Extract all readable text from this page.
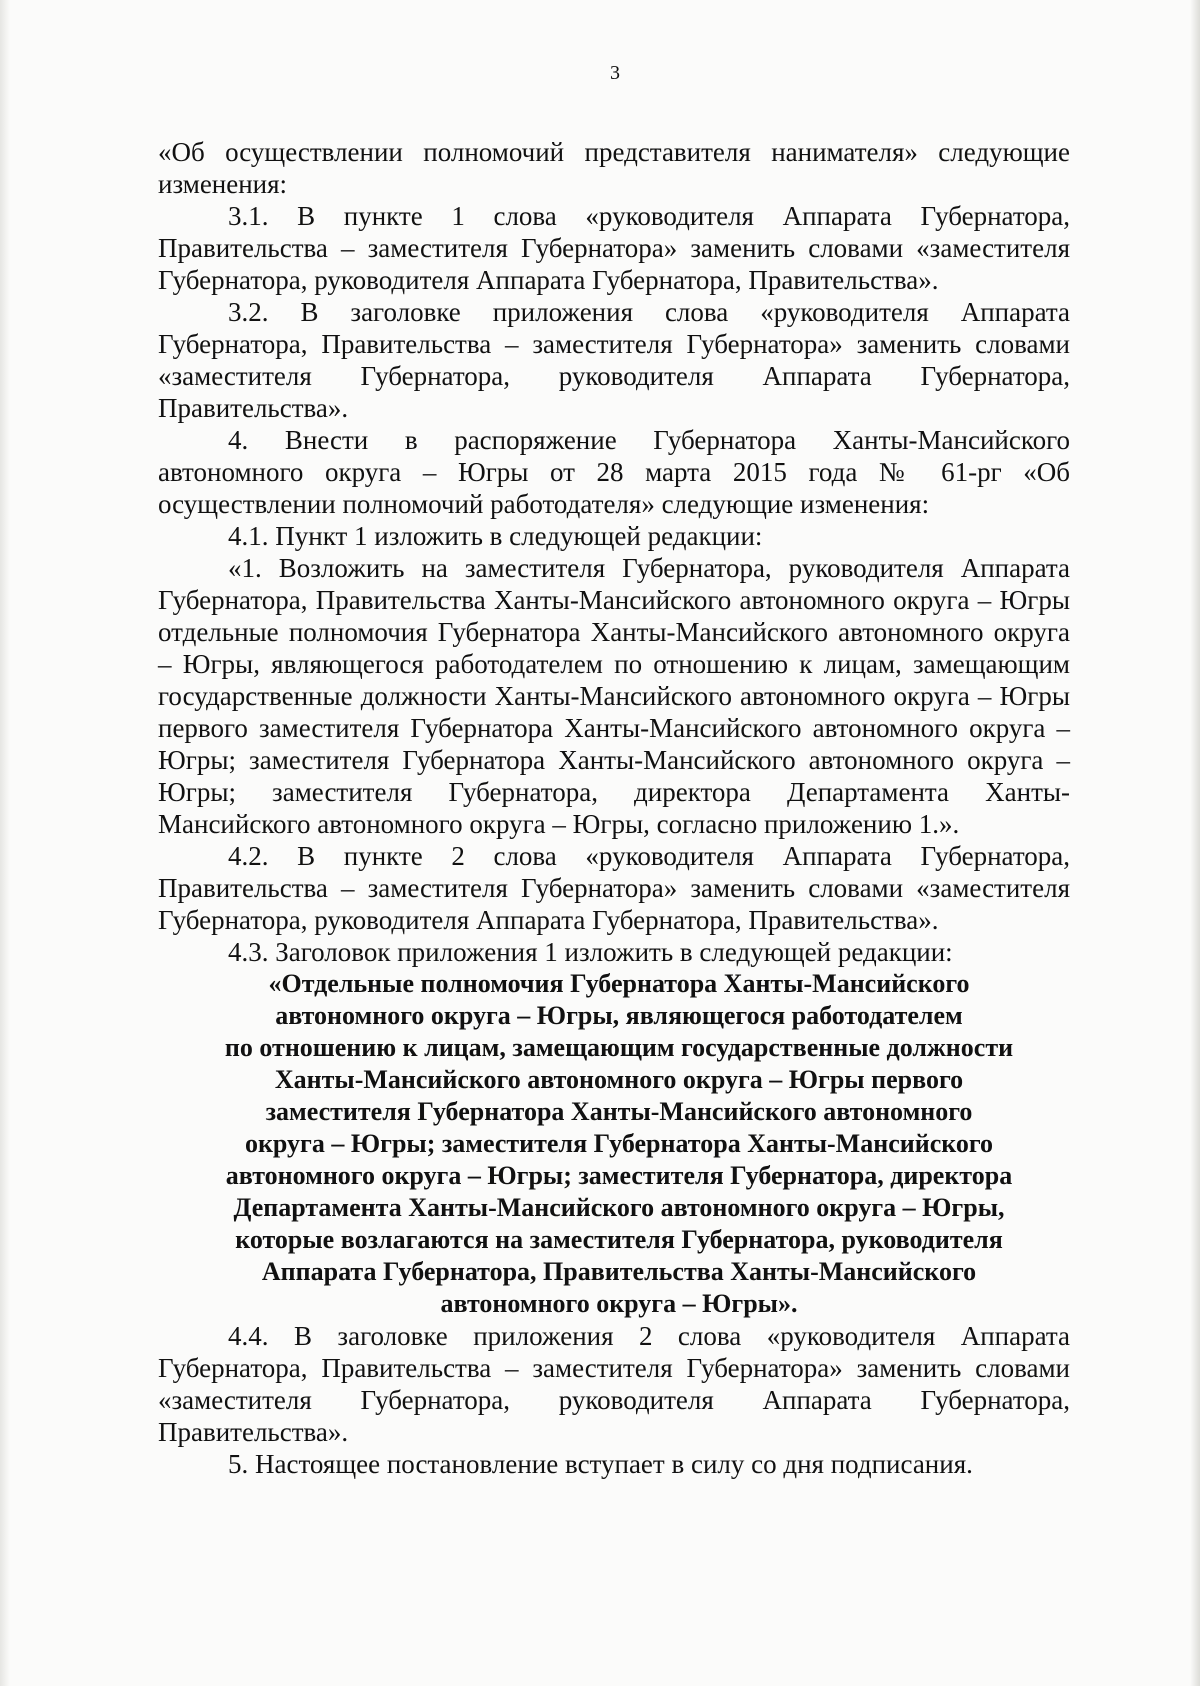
3

«Об осуществлении полномочий представителя нанимателя» следующие изменения:

3.1. В пункте 1 слова «руководителя Аппарата Губернатора, Правительства – заместителя Губернатора» заменить словами «заместителя Губернатора, руководителя Аппарата Губернатора, Правительства».

3.2. В заголовке приложения слова «руководителя Аппарата Губернатора, Правительства – заместителя Губернатора» заменить словами «заместителя Губернатора, руководителя Аппарата Губернатора, Правительства».

4. Внести в распоряжение Губернатора Ханты-Мансийского автономного округа – Югры от 28 марта 2015 года № 61-рг «Об осуществлении полномочий работодателя» следующие изменения:

4.1. Пункт 1 изложить в следующей редакции:

«1. Возложить на заместителя Губернатора, руководителя Аппарата Губернатора, Правительства Ханты-Мансийского автономного округа – Югры отдельные полномочия Губернатора Ханты-Мансийского автономного округа – Югры, являющегося работодателем по отношению к лицам, замещающим государственные должности Ханты-Мансийского автономного округа – Югры первого заместителя Губернатора Ханты-Мансийского автономного округа – Югры; заместителя Губернатора Ханты-Мансийского автономного округа – Югры; заместителя Губернатора, директора Департамента Ханты-Мансийского автономного округа – Югры, согласно приложению 1.».

4.2. В пункте 2 слова «руководителя Аппарата Губернатора, Правительства – заместителя Губернатора» заменить словами «заместителя Губернатора, руководителя Аппарата Губернатора, Правительства».

4.3. Заголовок приложения 1 изложить в следующей редакции:

«Отдельные полномочия Губернатора Ханты-Мансийского
автономного округа – Югры, являющегося работодателем
по отношению к лицам, замещающим государственные должности
Ханты-Мансийского автономного округа – Югры первого
заместителя Губернатора Ханты-Мансийского автономного
округа – Югры; заместителя Губернатора Ханты-Мансийского
автономного округа – Югры; заместителя Губернатора, директора
Департамента Ханты-Мансийского автономного округа – Югры,
которые возлагаются на заместителя Губернатора, руководителя
Аппарата Губернатора, Правительства Ханты-Мансийского
автономного округа – Югры».

4.4. В заголовке приложения 2 слова «руководителя Аппарата Губернатора, Правительства – заместителя Губернатора» заменить словами «заместителя Губернатора, руководителя Аппарата Губернатора, Правительства».

5. Настоящее постановление вступает в силу со дня подписания.
